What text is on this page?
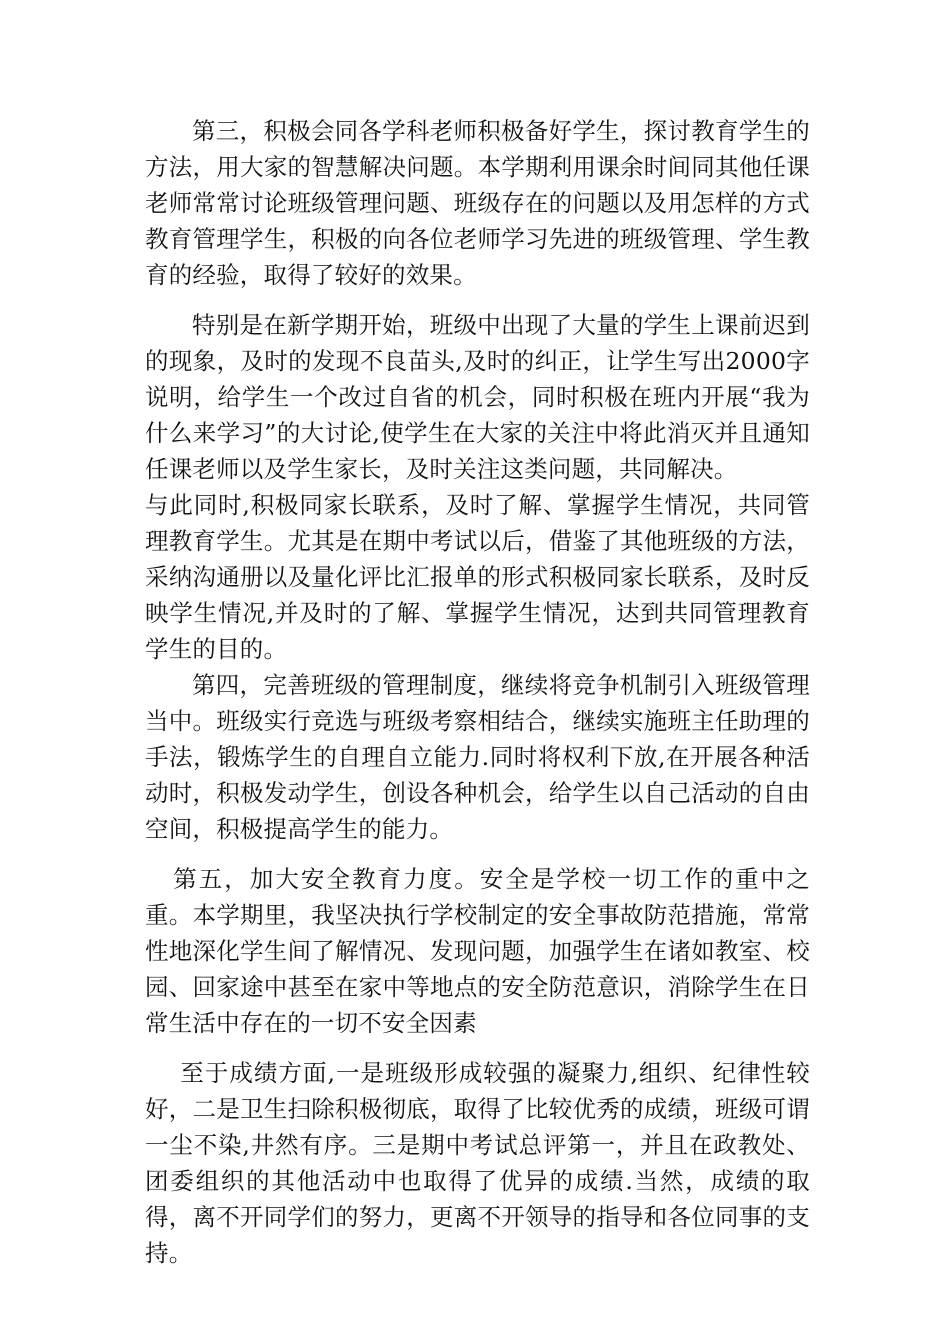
第三，积极会同各学科老师积极备好学生，探讨教育学生的方法，用大家的智慧解决问题。本学期利用课余时间同其他任课老师常常讨论班级管理问题、班级存在的问题以及用怎样的方式教育管理学生，积极的向各位老师学习先进的班级管理、学生教育的经验，取得了较好的效果。

特别是在新学期开始，班级中出现了大量的学生上课前迟到的现象，及时的发现不良苗头,及时的纠正，让学生写出2000字说明，给学生一个改过自省的机会，同时积极在班内开展“我为什么来学习”的大讨论,使学生在大家的关注中将此消灭并且通知任课老师以及学生家长，及时关注这类问题，共同解决。

与此同时,积极同家长联系，及时了解、掌握学生情况，共同管理教育学生。尤其是在期中考试以后，借鉴了其他班级的方法，采纳沟通册以及量化评比汇报单的形式积极同家长联系，及时反映学生情况,并及时的了解、掌握学生情况，达到共同管理教育学生的目的。

第四，完善班级的管理制度，继续将竞争机制引入班级管理当中。班级实行竞选与班级考察相结合，继续实施班主任助理的手法，锻炼学生的自理自立能力.同时将权利下放,在开展各种活动时，积极发动学生，创设各种机会，给学生以自己活动的自由空间，积极提高学生的能力。

第五，加大安全教育力度。安全是学校一切工作的重中之重。本学期里，我坚决执行学校制定的安全事故防范措施，常常性地深化学生间了解情况、发现问题，加强学生在诸如教室、校园、回家途中甚至在家中等地点的安全防范意识，消除学生在日常生活中存在的一切不安全因素

至于成绩方面,一是班级形成较强的凝聚力,组织、纪律性较好，二是卫生扫除积极彻底，取得了比较优秀的成绩，班级可谓一尘不染,井然有序。三是期中考试总评第一，并且在政教处、团委组织的其他活动中也取得了优异的成绩.当然，成绩的取得，离不开同学们的努力，更离不开领导的指导和各位同事的支持。
